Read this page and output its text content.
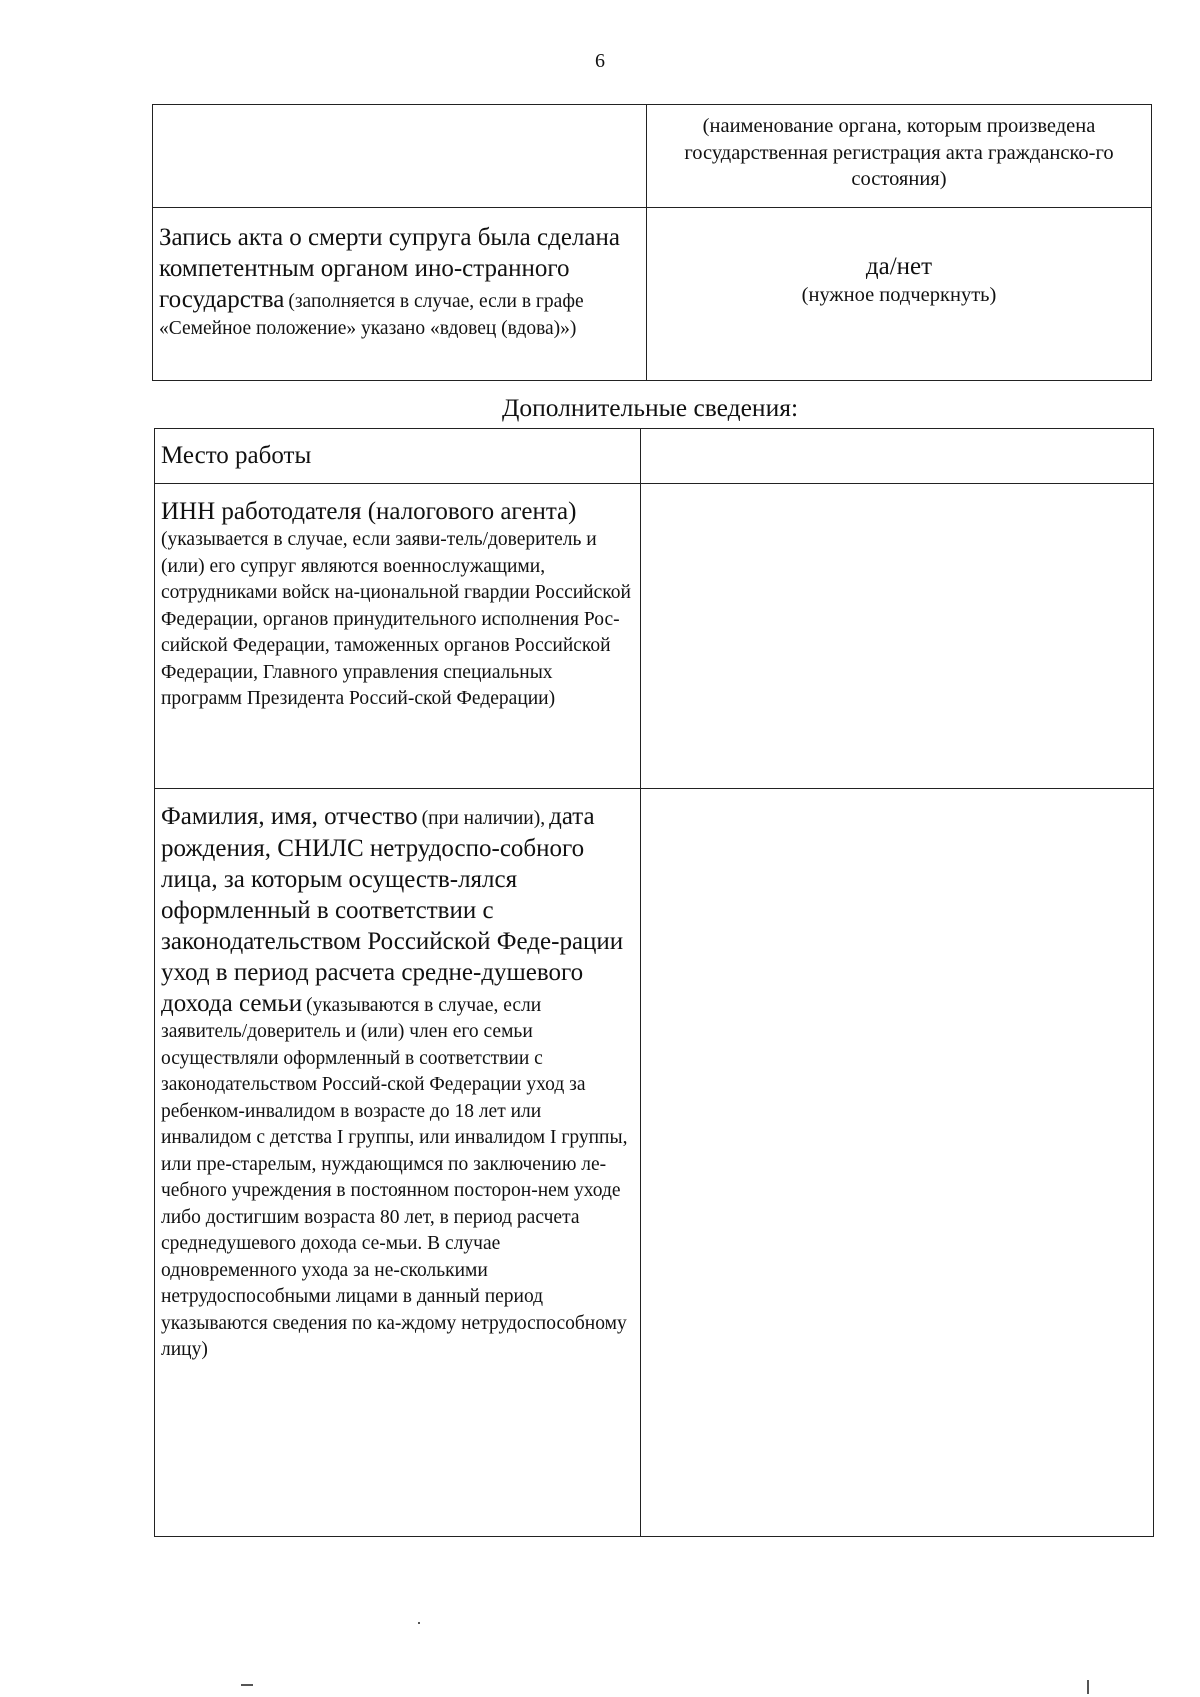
6

	(наименование органа, которым произведена государственная регистрация акта гражданско-го состояния)

Запись акта о смерти супруга была сделана компетентным органом ино-странного государства (заполняется в случае, если в графе «Семейное положение» указано «вдовец (вдова)»)	да/нет
(нужное подчеркнуть)
Дополнительные сведения:
Место работы	

ИНН работодателя (налогового агента)
(указывается в случае, если заяви-тель/доверитель и (или) его супруг являются военнослужащими, сотрудниками войск на-циональной гвардии Российской Федерации, органов принудительного исполнения Рос-сийской Федерации, таможенных органов Российской Федерации, Главного управления специальных программ Президента Россий-ской Федерации)	

Фамилия, имя, отчество (при наличии), дата рождения, СНИЛС нетрудоспо-собного лица, за которым осуществ-лялся оформленный в соответствии с законодательством Российской Феде-рации уход в период расчета средне-душевого дохода семьи (указываются в случае, если заявитель/доверитель и (или) член его семьи осуществляли оформленный в соответствии с законодательством Россий-ской Федерации уход за ребенком-инвалидом в возрасте до 18 лет или инвалидом с детства I группы, или инвалидом I группы, или пре-старелым, нуждающимся по заключению ле-чебного учреждения в постоянном посторон-нем уходе либо достигшим возраста 80 лет, в период расчета среднедушевого дохода се-мьи. В случае одновременного ухода за не-сколькими нетрудоспособными лицами в данный период указываются сведения по ка-ждому нетрудоспособному лицу)	
